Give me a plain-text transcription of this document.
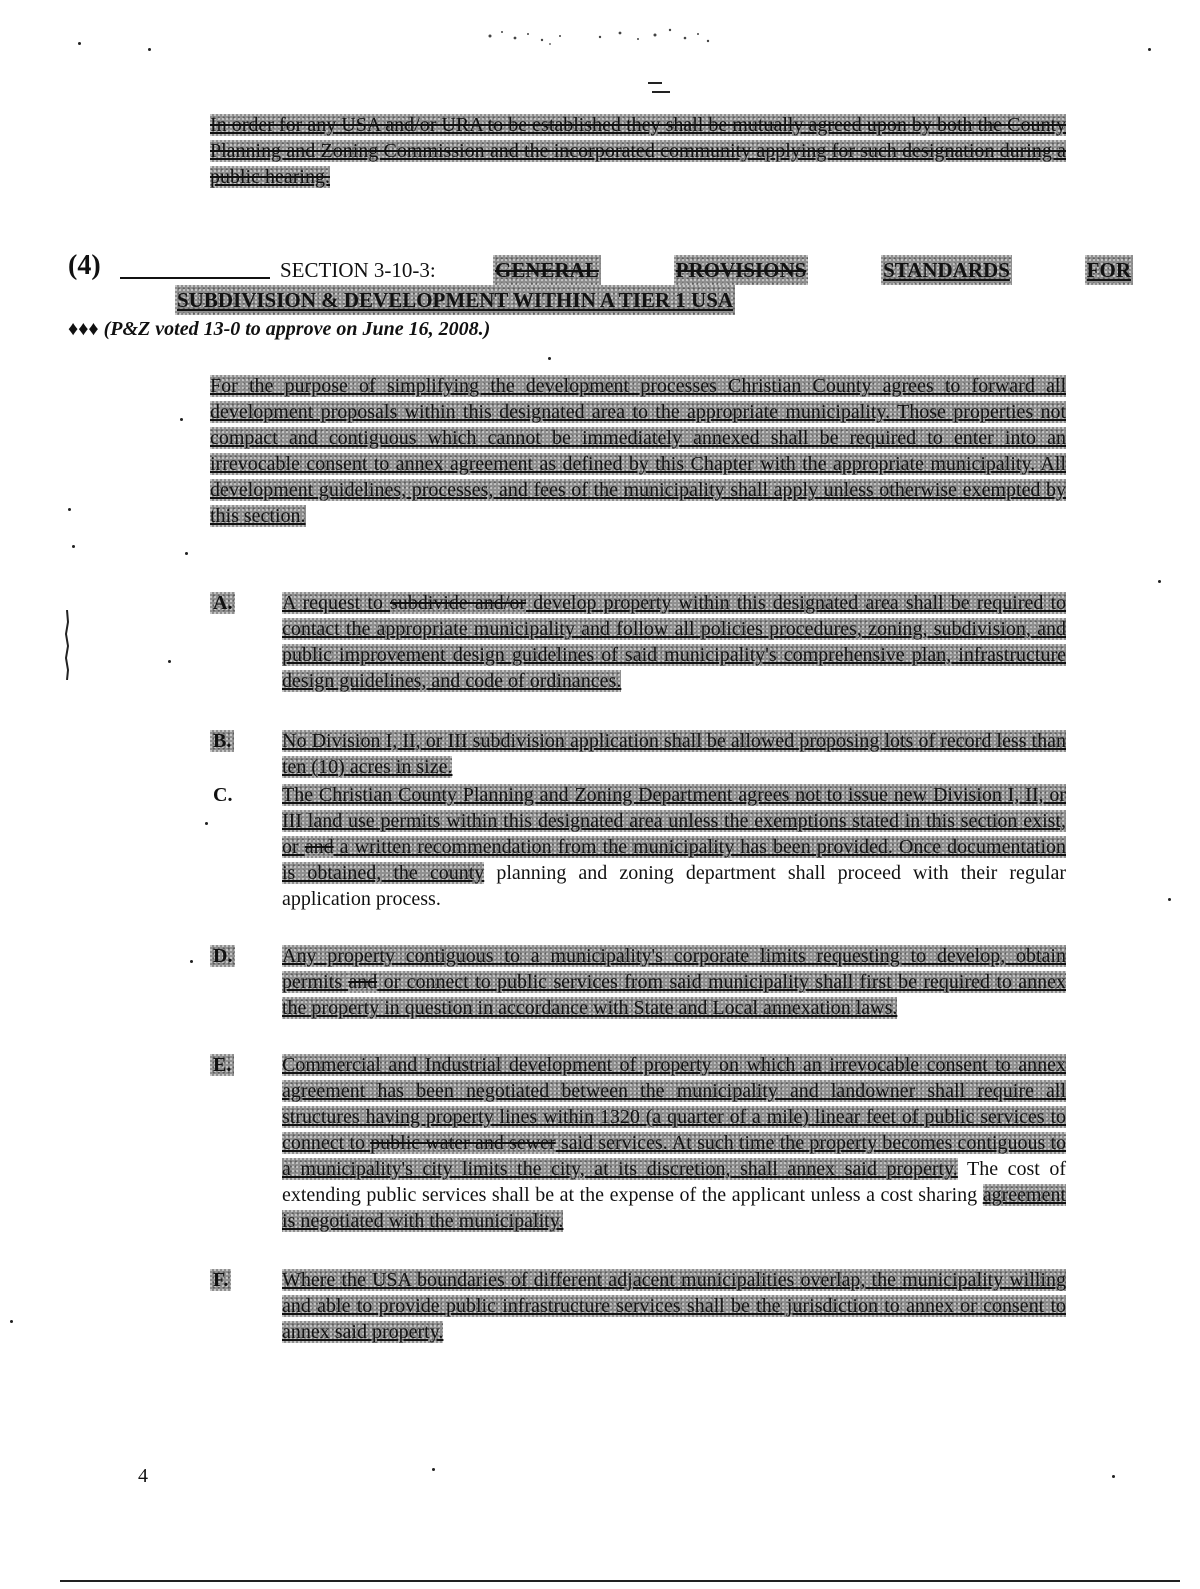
In order for any USA and/or URA to be established they shall be mutually agreed upon by both the County Planning and Zoning Commission and the incorporated community applying for such designation during a public hearing.

(4)	SECTION 3-10-3:	GENERAL	PROVISIONS	STANDARDS	FOR
SUBDIVISION & DEVELOPMENT WITHIN A TIER 1 USA
♦♦♦ (P&Z voted 13-0 to approve on June 16, 2008.)

For the purpose of simplifying the development processes Christian County agrees to forward all development proposals within this designated area to the appropriate municipality. Those properties not compact and contiguous which cannot be immediately annexed shall be required to enter into an irrevocable consent to annex agreement as defined by this Chapter with the appropriate municipality. All development guidelines, processes, and fees of the municipality shall apply unless otherwise exempted by this section.

A.	A request to subdivide and/or develop property within this designated area shall be required to contact the appropriate municipality and follow all policies procedures, zoning, subdivision, and public improvement design guidelines of said municipality's comprehensive plan, infrastructure design guidelines, and code of ordinances.
B.	No Division I, II, or III subdivision application shall be allowed proposing lots of record less than ten (10) acres in size.
C.	The Christian County Planning and Zoning Department agrees not to issue new Division I, II, or III land use permits within this designated area unless the exemptions stated in this section exist, or and a written recommendation from the municipality has been provided. Once documentation is obtained, the county planning and zoning department shall proceed with their regular application process.
D.	Any property contiguous to a municipality's corporate limits requesting to develop, obtain permits and or connect to public services from said municipality shall first be required to annex the property in question in accordance with State and Local annexation laws.
E.	Commercial and Industrial development of property on which an irrevocable consent to annex agreement has been negotiated between the municipality and landowner shall require all structures having property lines within 1320 (a quarter of a mile) linear feet of public services to connect to public water and sewer said services. At such time the property becomes contiguous to a municipality's city limits the city, at its discretion, shall annex said property. The cost of extending public services shall be at the expense of the applicant unless a cost sharing agreement is negotiated with the municipality.
F.	Where the USA boundaries of different adjacent municipalities overlap, the municipality willing and able to provide public infrastructure services shall be the jurisdiction to annex or consent to annex said property.
4
